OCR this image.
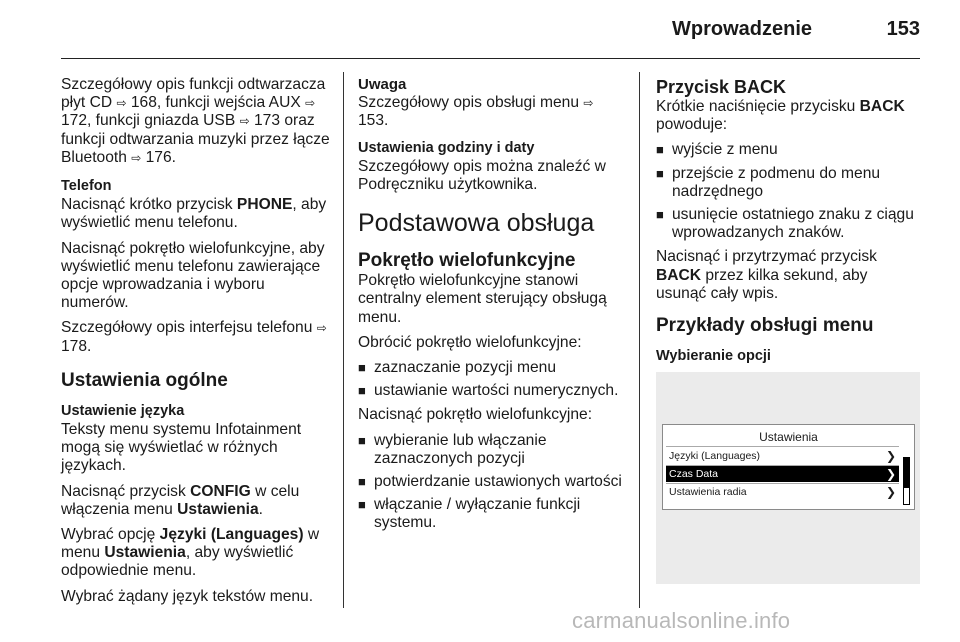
Wprowadzenie	153

Szczegółowy opis funkcji odtwarzacza płyt CD ⇨ 168, funkcji wejścia AUX ⇨ 172, funkcji gniazda USB ⇨ 173 oraz funkcji odtwarzania muzyki przez łącze Bluetooth ⇨ 176.

Telefon

Nacisnąć krótko przycisk PHONE, aby wyświetlić menu telefonu.

Nacisnąć pokrętło wielofunkcyjne, aby wyświetlić menu telefonu zawierające opcje wprowadzania i wyboru numerów.

Szczegółowy opis interfejsu telefonu ⇨ 178.

Ustawienia ogólne
Ustawienie języka

Teksty menu systemu Infotainment mogą się wyświetlać w różnych językach.

Nacisnąć przycisk CONFIG w celu włączenia menu Ustawienia.

Wybrać opcję Języki (Languages) w menu Ustawienia, aby wyświetlić odpowiednie menu.

Wybrać żądany język tekstów menu.

Uwaga

Szczegółowy opis obsługi menu ⇨ 153.

Ustawienia godziny i daty

Szczegółowy opis można znaleźć w Podręczniku użytkownika.

Podstawowa obsługa
Pokrętło wielofunkcyjne

Pokrętło wielofunkcyjne stanowi centralny element sterujący obsługą menu.

Obrócić pokrętło wielofunkcyjne:

■ zaznaczanie pozycji menu
■ ustawianie wartości numerycznych.

Nacisnąć pokrętło wielofunkcyjne:

■ wybieranie lub włączanie zaznaczonych pozycji
■ potwierdzanie ustawionych wartości
■ włączanie / wyłączanie funkcji systemu.
Przycisk BACK

Krótkie naciśnięcie przycisku BACK powoduje:

■ wyjście z menu
■ przejście z podmenu do menu nadrzędnego
■ usunięcie ostatniego znaku z ciągu wprowadzanych znaków.

Nacisnąć i przytrzymać przycisk BACK przez kilka sekund, aby usunąć cały wpis.

Przykłady obsługi menu
Wybieranie opcji
Ustawienia
Języki (Languages)	❯
Czas Data	❯
Ustawienia radia	❯
carmanualsonline.info
